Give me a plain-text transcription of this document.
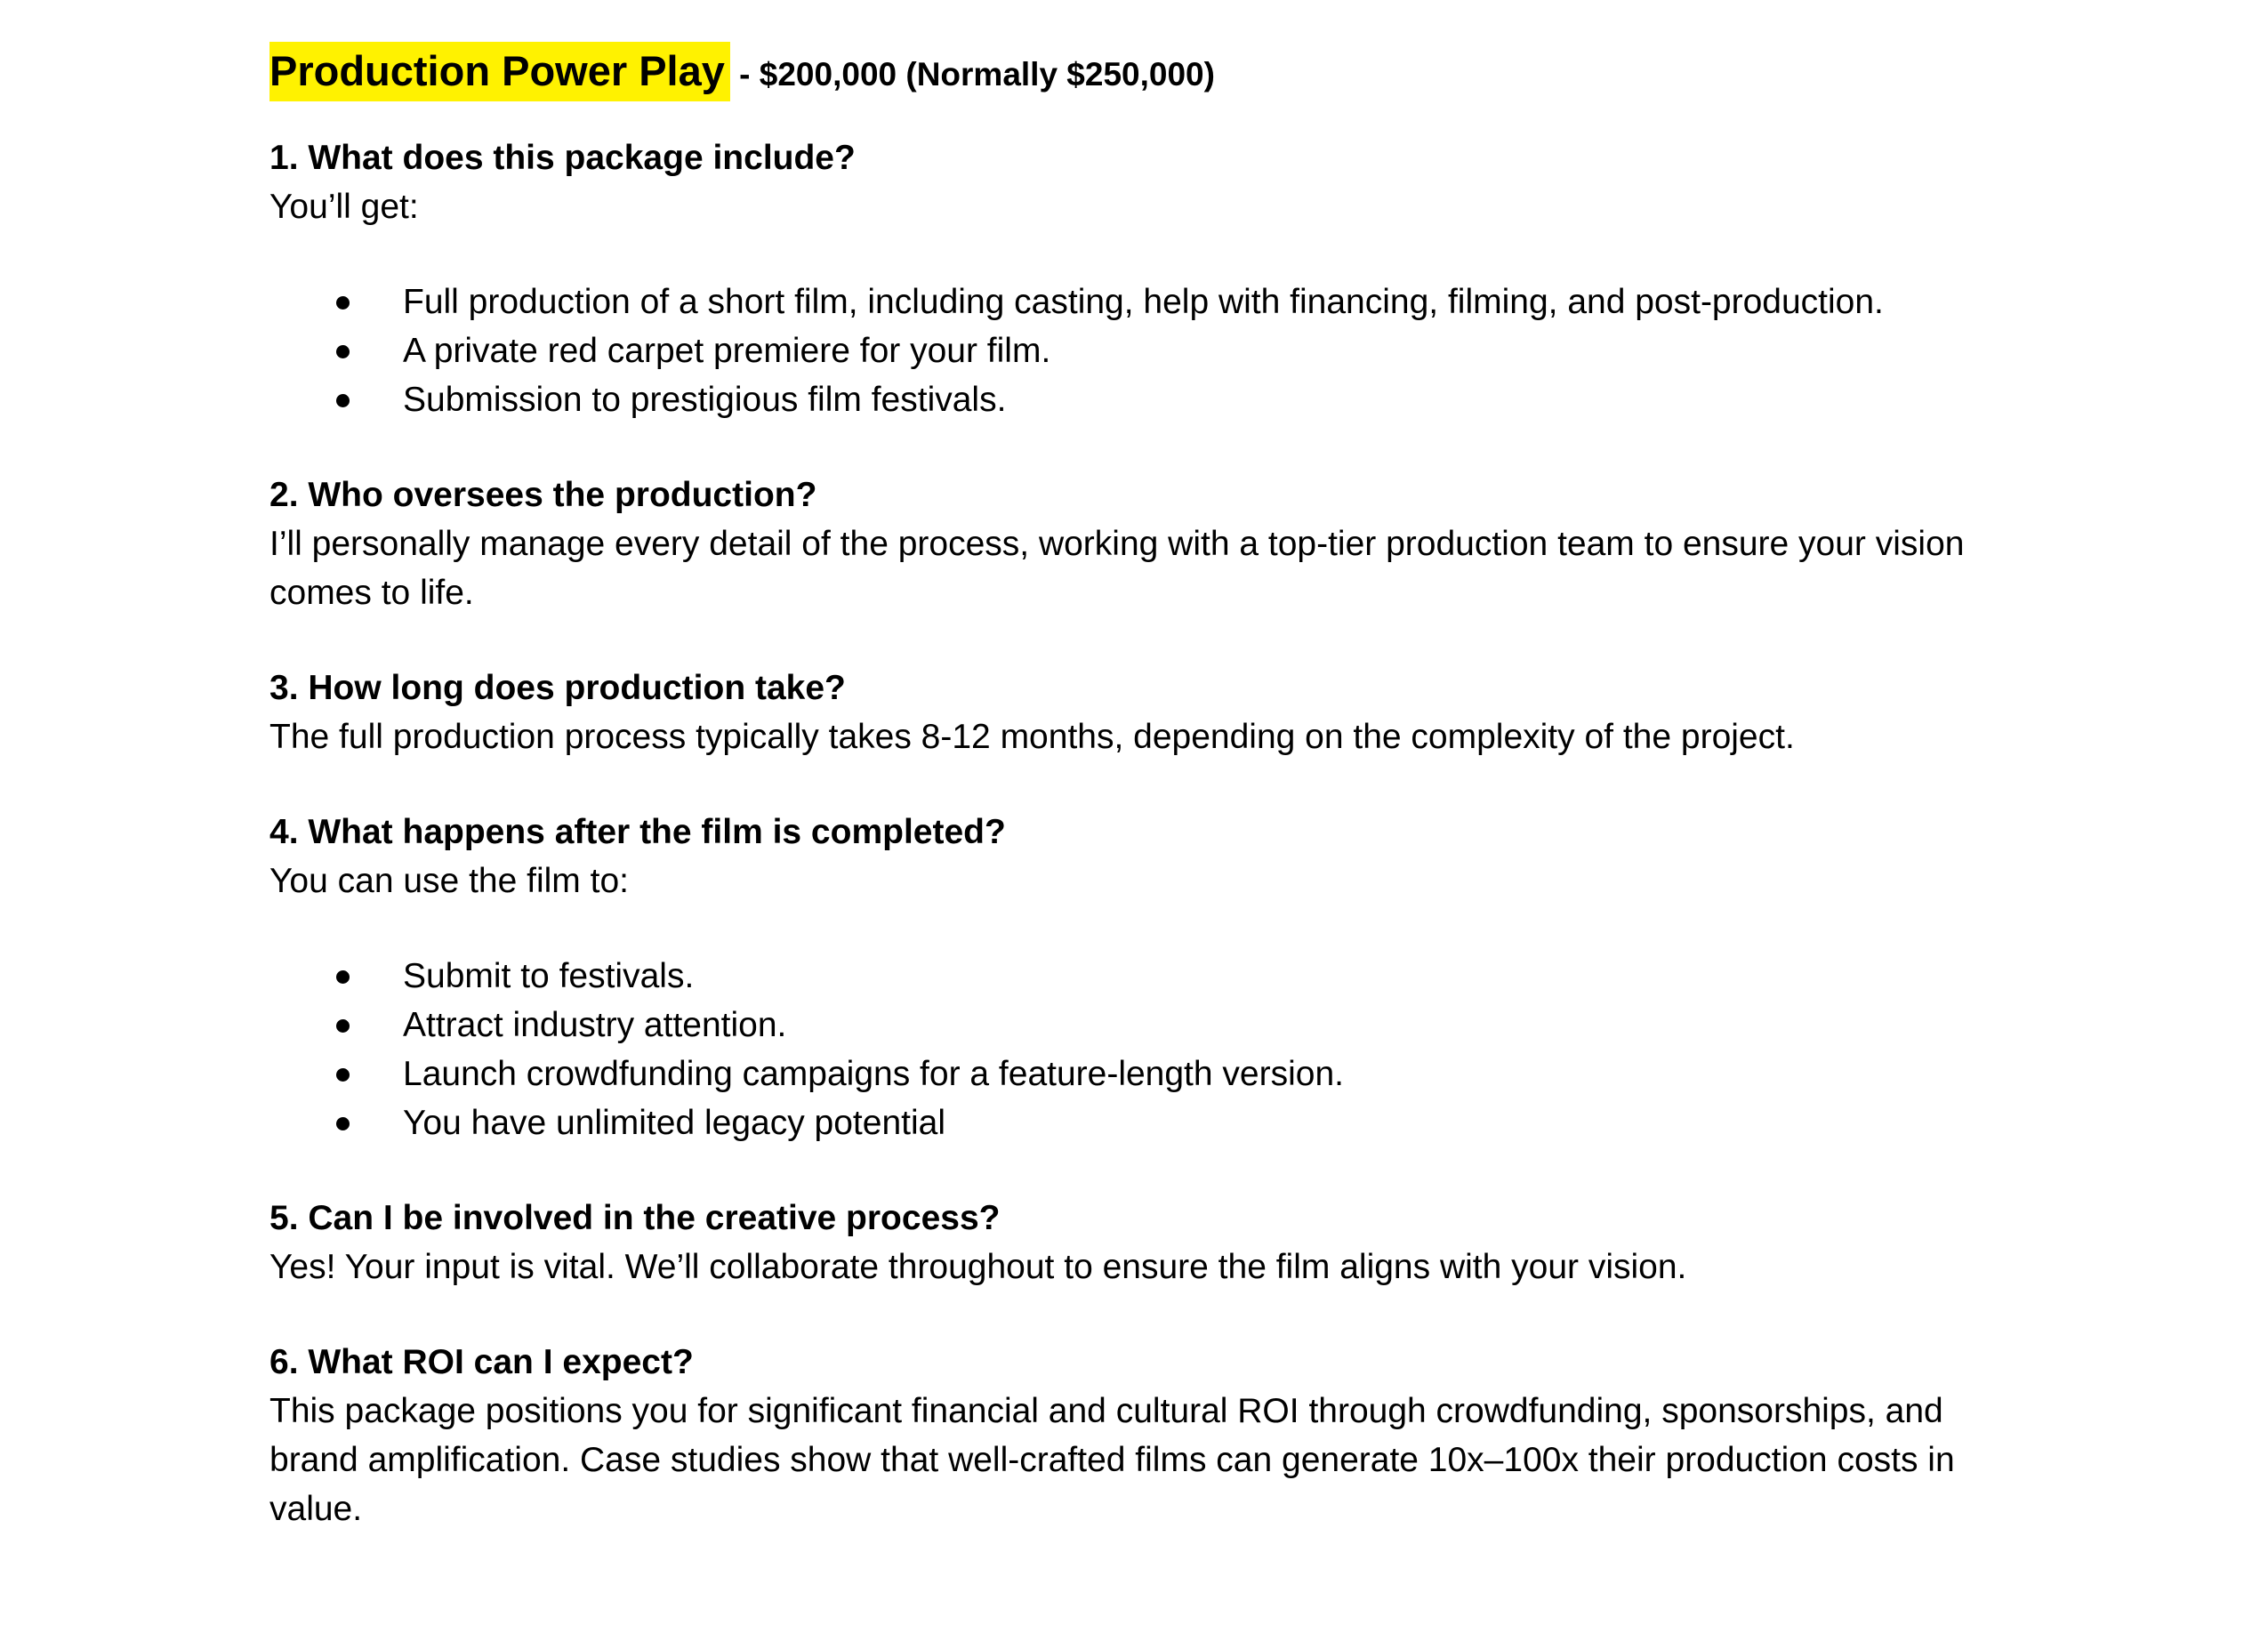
Production Power Play - $200,000 (Normally $250,000)

1. What does this package include?

You’ll get:

Full production of a short film, including casting, help with financing, filming, and post-production.
A private red carpet premiere for your film.
Submission to prestigious film festivals.

2. Who oversees the production?

I’ll personally manage every detail of the process, working with a top-tier production team to ensure your vision comes to life.

3. How long does production take?

The full production process typically takes 8-12 months, depending on the complexity of the project.

4. What happens after the film is completed?

You can use the film to:

Submit to festivals.
Attract industry attention.
Launch crowdfunding campaigns for a feature-length version.
You have unlimited legacy potential

5. Can I be involved in the creative process?

Yes! Your input is vital. We’ll collaborate throughout to ensure the film aligns with your vision.

6. What ROI can I expect?

This package positions you for significant financial and cultural ROI through crowdfunding, sponsorships, and brand amplification. Case studies show that well-crafted films can generate 10x–100x their production costs in value.
